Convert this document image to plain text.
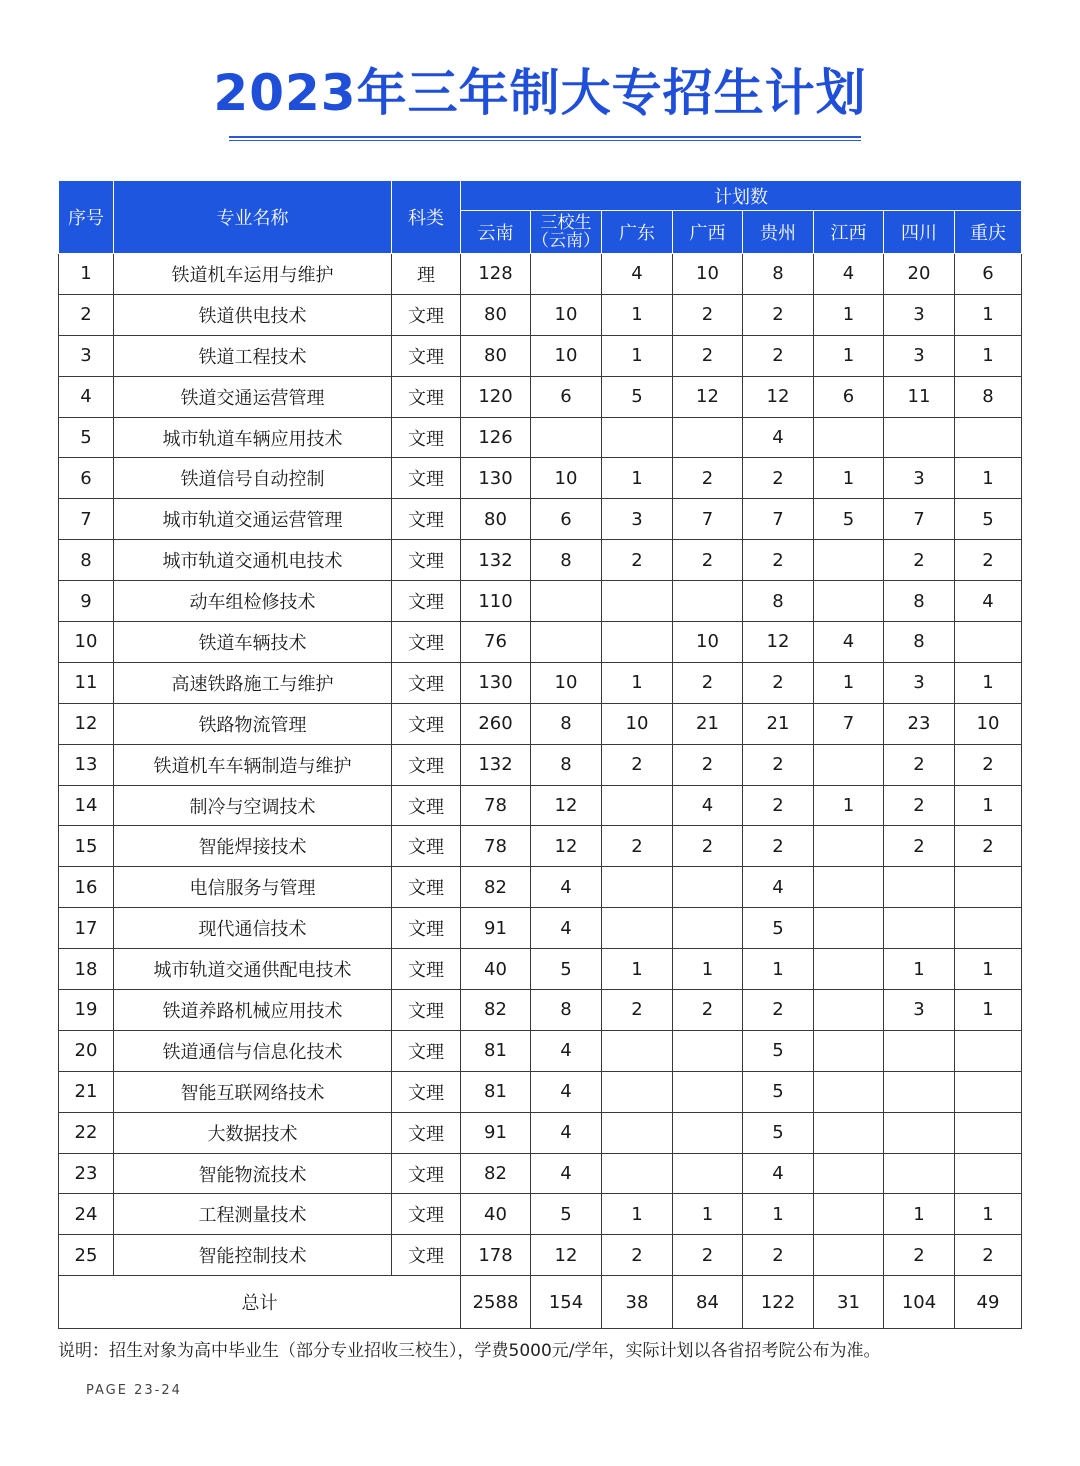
2023年三年制大专招生计划
序号	专业名称	科类	计划数							
			云南	三校生（云南）	广东	广西	贵州	江西	四川	重庆
1	铁道机车运用与维护	理	128		4	10	8	4	20	6
2	铁道供电技术	文理	80	10	1	2	2	1	3	1
3	铁道工程技术	文理	80	10	1	2	2	1	3	1
4	铁道交通运营管理	文理	120	6	5	12	12	6	11	8
5	城市轨道车辆应用技术	文理	126				4			
6	铁道信号自动控制	文理	130	10	1	2	2	1	3	1
7	城市轨道交通运营管理	文理	80	6	3	7	7	5	7	5
8	城市轨道交通机电技术	文理	132	8	2	2	2		2	2
9	动车组检修技术	文理	110				8		8	4
10	铁道车辆技术	文理	76			10	12	4	8	
11	高速铁路施工与维护	文理	130	10	1	2	2	1	3	1
12	铁路物流管理	文理	260	8	10	21	21	7	23	10
13	铁道机车车辆制造与维护	文理	132	8	2	2	2		2	2
14	制冷与空调技术	文理	78	12		4	2	1	2	1
15	智能焊接技术	文理	78	12	2	2	2		2	2
16	电信服务与管理	文理	82	4			4			
17	现代通信技术	文理	91	4			5			
18	城市轨道交通供配电技术	文理	40	5	1	1	1		1	1
19	铁道养路机械应用技术	文理	82	8	2	2	2		3	1
20	铁道通信与信息化技术	文理	81	4			5			
21	智能互联网络技术	文理	81	4			5			
22	大数据技术	文理	91	4			5			
23	智能物流技术	文理	82	4			4			
24	工程测量技术	文理	40	5	1	1	1		1	1
25	智能控制技术	文理	178	12	2	2	2		2	2
总计			2588	154	38	84	122	31	104	49
说明：招生对象为高中毕业生（部分专业招收三校生），学费5000元/学年，实际计划以各省招考院公布为准。
PAGE 23-24
